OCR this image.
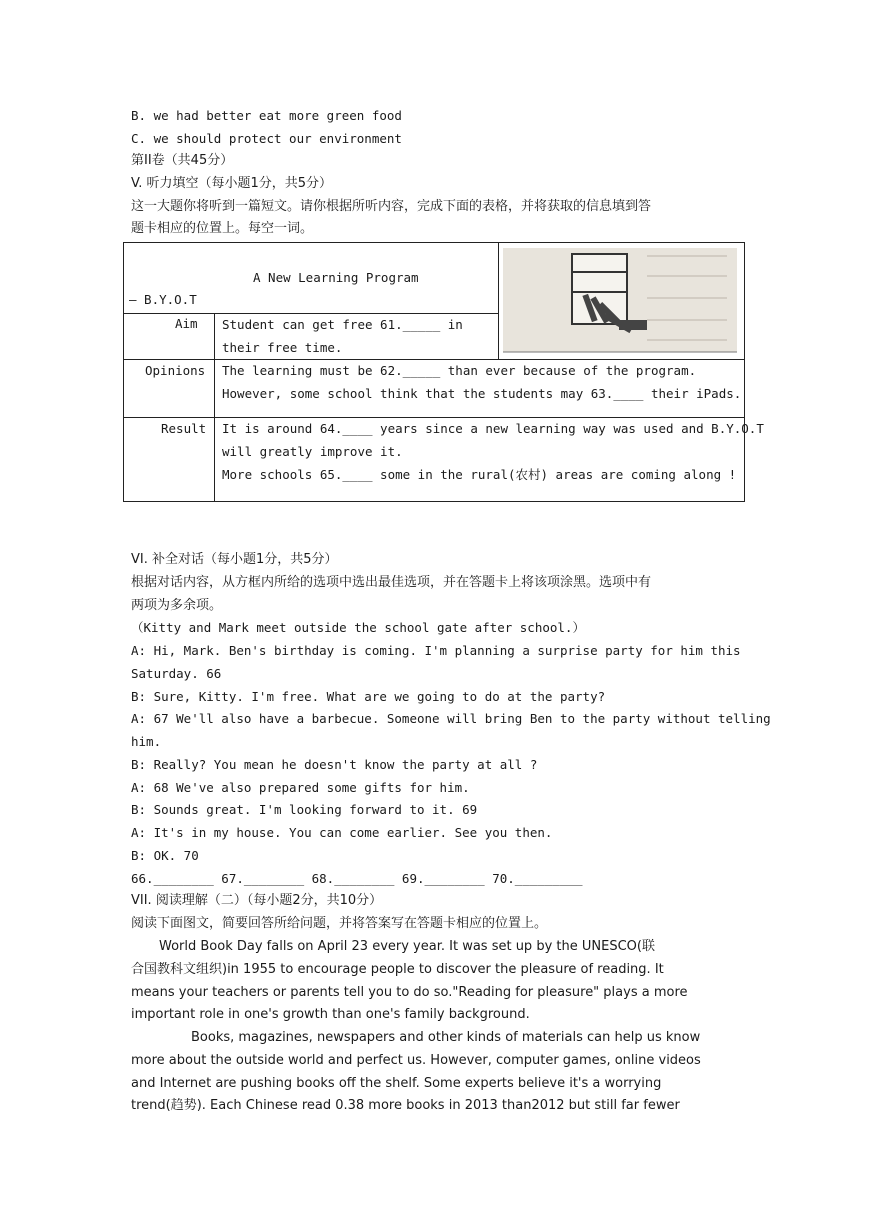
B. we had better eat more green food
C. we should protect our environment
第II卷（共45分）
V. 听力填空（每小题1分，共5分）
这一大题你将听到一篇短文。请你根据所听内容，完成下面的表格，并将获取的信息填到答
题卡相应的位置上。每空一词。
A New Learning Program
— B.Y.O.T
Aim Student can get free 61._____ in
their free time.
Opinions The learning must be 62._____ than ever because of the program.
However, some school think that the students may 63.____ their iPads.
Result It is around 64.____ years since a new learning way was used and B.Y.O.T
will greatly improve it.
More schools 65.____ some in the rural(农村) areas are coming along !
VI. 补全对话（每小题1分，共5分）
根据对话内容，从方框内所给的选项中选出最佳选项，并在答题卡上将该项涂黑。选项中有
两项为多余项。
（Kitty and Mark meet outside the school gate after school.）
A: Hi, Mark. Ben's birthday is coming. I'm planning a surprise party for him this
Saturday. 66
B: Sure, Kitty. I'm free. What are we going to do at the party?
A: 67 We'll also have a barbecue. Someone will bring Ben to the party without telling
him.
B: Really? You mean he doesn't know the party at all ?
A: 68 We've also prepared some gifts for him.
B: Sounds great. I'm looking forward to it. 69
A: It's in my house. You can come earlier. See you then.
B: OK. 70
66.________ 67.________ 68.________ 69.________ 70._________
VII. 阅读理解（二）（每小题2分，共10分）
阅读下面图文，简要回答所给问题，并将答案写在答题卡相应的位置上。
World Book Day falls on April 23 every year. It was set up by the UNESCO(联
合国教科文组织)in 1955 to encourage people to discover the pleasure of reading. It
means your teachers or parents tell you to do so."Reading for pleasure" plays a more
important role in one's growth than one's family background.
Books, magazines, newspapers and other kinds of materials can help us know
more about the outside world and perfect us. However, computer games, online videos
and Internet are pushing books off the shelf. Some experts believe it's a worrying
trend(趋势). Each Chinese read 0.38 more books in 2013 than2012 but still far fewer
